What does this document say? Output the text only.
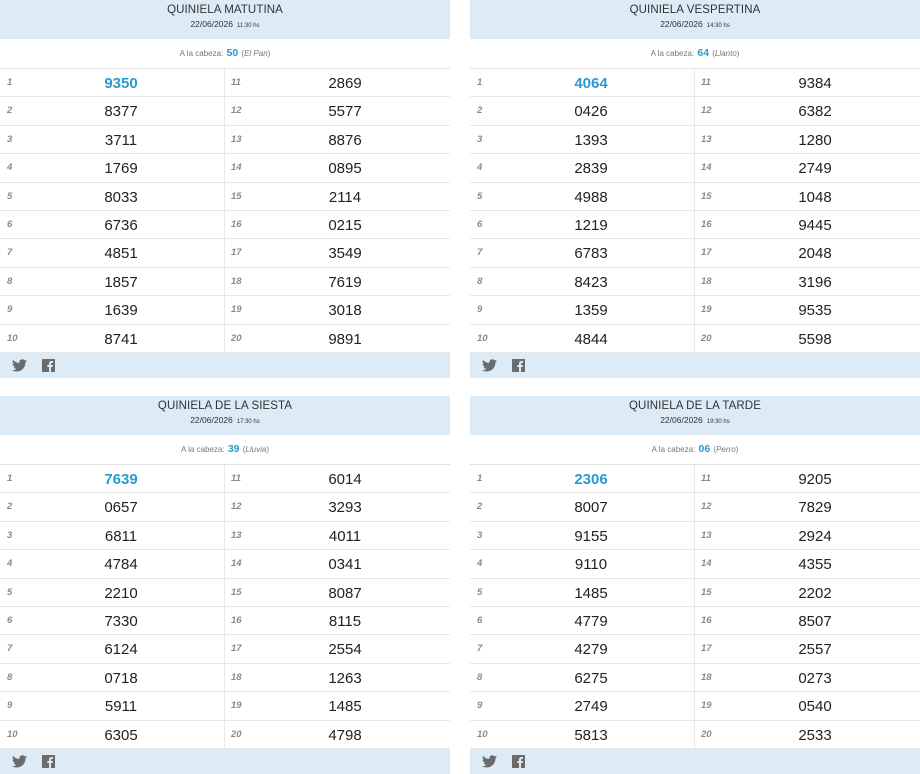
QUINIELA MATUTINA
22/06/2026 11:30 hs
A la cabeza: 50 (El Pan)
1	9350	11	2869
2	8377	12	5577
3	3711	13	8876
4	1769	14	0895
5	8033	15	2114
6	6736	16	0215
7	4851	17	3549
8	1857	18	7619
9	1639	19	3018
10	8741	20	9891
QUINIELA VESPERTINA
22/06/2026 14:30 hs
A la cabeza: 64 (Llanto)
1	4064	11	9384
2	0426	12	6382
3	1393	13	1280
4	2839	14	2749
5	4988	15	1048
6	1219	16	9445
7	6783	17	2048
8	8423	18	3196
9	1359	19	9535
10	4844	20	5598
QUINIELA DE LA SIESTA
22/06/2026 17:30 hs
A la cabeza: 39 (Lluvia)
1	7639	11	6014
2	0657	12	3293
3	6811	13	4011
4	4784	14	0341
5	2210	15	8087
6	7330	16	8115
7	6124	17	2554
8	0718	18	1263
9	5911	19	1485
10	6305	20	4798
QUINIELA DE LA TARDE
22/06/2026 19:30 hs
A la cabeza: 06 (Perro)
1	2306	11	9205
2	8007	12	7829
3	9155	13	2924
4	9110	14	4355
5	1485	15	2202
6	4779	16	8507
7	4279	17	2557
8	6275	18	0273
9	2749	19	0540
10	5813	20	2533
